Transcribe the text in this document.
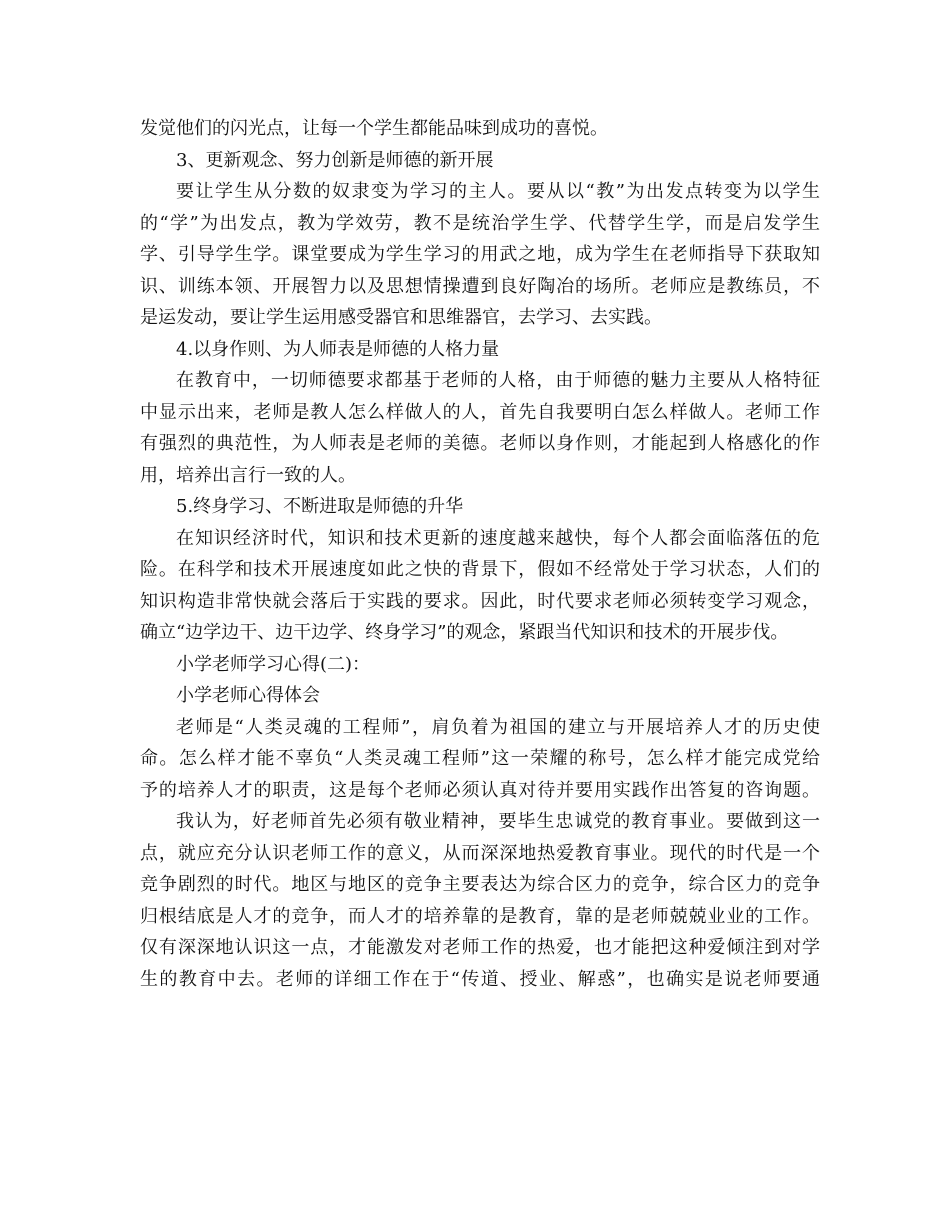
发觉他们的闪光点，让每一个学生都能品味到成功的喜悦。
3、更新观念、努力创新是师德的新开展
要让学生从分数的奴隶变为学习的主人。要从以“教”为出发点转变为以学生
的“学”为出发点，教为学效劳，教不是统治学生学、代替学生学，而是启发学生
学、引导学生学。课堂要成为学生学习的用武之地，成为学生在老师指导下获取知
识、训练本领、开展智力以及思想情操遭到良好陶冶的场所。老师应是教练员，不
是运发动，要让学生运用感受器官和思维器官，去学习、去实践。
4.以身作则、为人师表是师德的人格力量
在教育中，一切师德要求都基于老师的人格，由于师德的魅力主要从人格特征
中显示出来，老师是教人怎么样做人的人，首先自我要明白怎么样做人。老师工作
有强烈的典范性，为人师表是老师的美德。老师以身作则，才能起到人格感化的作
用，培养出言行一致的人。
5.终身学习、不断进取是师德的升华
在知识经济时代，知识和技术更新的速度越来越快，每个人都会面临落伍的危
险。在科学和技术开展速度如此之快的背景下，假如不经常处于学习状态，人们的
知识构造非常快就会落后于实践的要求。因此，时代要求老师必须转变学习观念，
确立“边学边干、边干边学、终身学习”的观念，紧跟当代知识和技术的开展步伐。
小学老师学习心得(二)：
小学老师心得体会
老师是“人类灵魂的工程师”，肩负着为祖国的建立与开展培养人才的历史使
命。怎么样才能不辜负“人类灵魂工程师”这一荣耀的称号，怎么样才能完成党给
予的培养人才的职责，这是每个老师必须认真对待并要用实践作出答复的咨询题。
我认为，好老师首先必须有敬业精神，要毕生忠诚党的教育事业。要做到这一
点，就应充分认识老师工作的意义，从而深深地热爱教育事业。现代的时代是一个
竞争剧烈的时代。地区与地区的竞争主要表达为综合区力的竞争，综合区力的竞争
归根结底是人才的竞争，而人才的培养靠的是教育，靠的是老师兢兢业业的工作。
仅有深深地认识这一点，才能激发对老师工作的热爱，也才能把这种爱倾注到对学
生的教育中去。老师的详细工作在于“传道、授业、解惑”，也确实是说老师要通
